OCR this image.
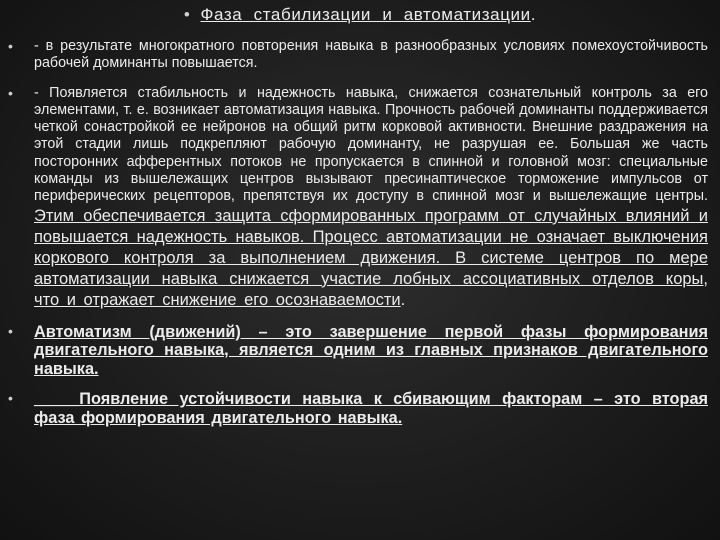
• Фаза стабилизации и автоматизации.
• - в результате многократного повторения навыка в разнообразных условиях помехоустойчивость рабочей доминанты повышается.

• - Появляется стабильность и надежность навыка, снижается сознательный контроль за его элементами, т. е. возникает автоматизация навыка. Прочность рабочей доминанты поддерживается четкой сонастройкой ее нейронов на общий ритм корковой активности. Внешние раздражения на этой стадии лишь подкрепляют рабочую доминанту, не разрушая ее. Большая же часть посторонних афферентных потоков не пропускается в спинной и головной мозг: специальные команды из вышележащих центров вызывают пресинаптическое торможение импульсов от периферических рецепторов, препятствуя их доступу в спинной мозг и вышележащие центры. Этим обеспечивается защита сформированных программ от случайных влияний и повышается надежность навыков. Процесс автоматизации не означает выключения коркового контроля за выполнением движения. В системе центров по мере автоматизации навыка снижается участие лобных ассоциативных отделов коры, что и отражает снижение его осознаваемости.

• Автоматизм (движений) – это завершение первой фазы формирования двигательного навыка, является одним из главных признаков двигательного навыка.

• _____Появление устойчивости навыка к сбивающим факторам – это вторая фаза формирования двигательного навыка.
